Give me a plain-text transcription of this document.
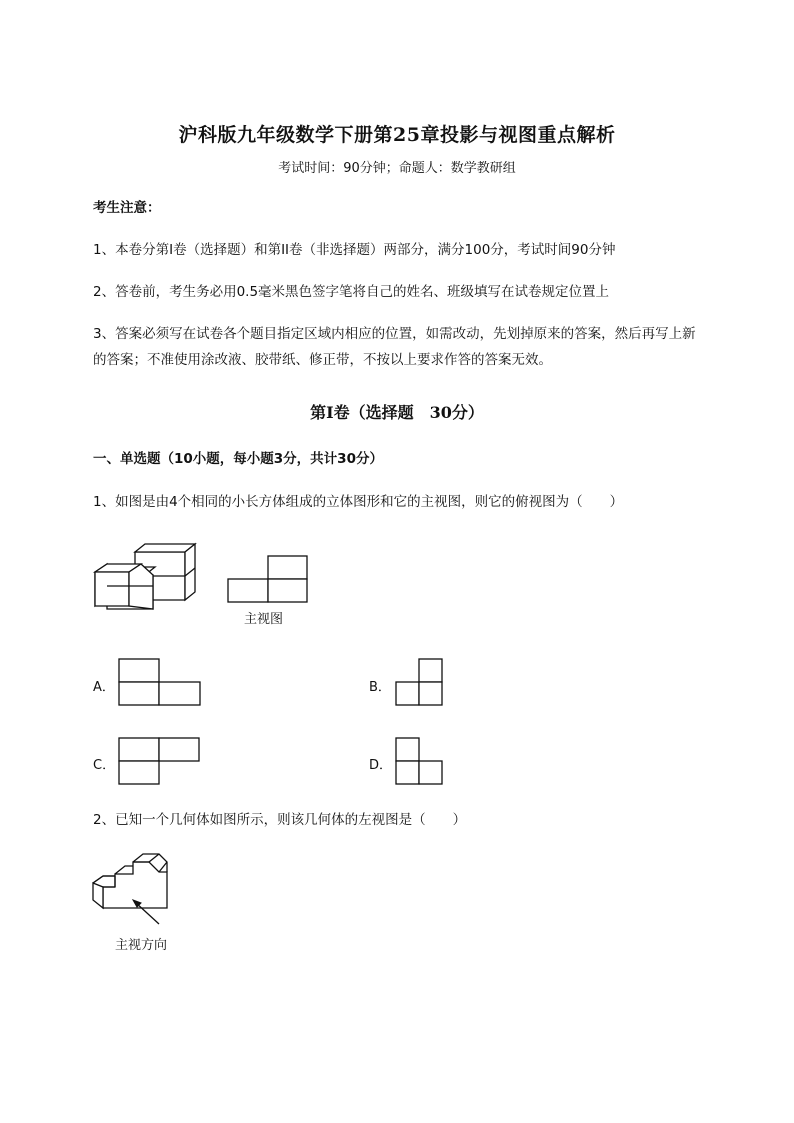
沪科版九年级数学下册第25章投影与视图重点解析
考试时间：90分钟；命题人：数学教研组
考生注意：
1、本卷分第I卷（选择题）和第II卷（非选择题）两部分，满分100分，考试时间90分钟
2、答卷前，考生务必用0.5毫米黑色签字笔将自己的姓名、班级填写在试卷规定位置上
3、答案必须写在试卷各个题目指定区域内相应的位置，如需改动，先划掉原来的答案，然后再写上新
的答案；不准使用涂改液、胶带纸、修正带，不按以上要求作答的答案无效。
第I卷（选择题　30分）
一、单选题（10小题，每小题3分，共计30分）
1、如图是由4个相同的小长方体组成的立体图形和它的主视图，则它的俯视图为（　　）
主视图
A．	B．
C．	D．
2、已知一个几何体如图所示，则该几何体的左视图是（　　）
主视方向
